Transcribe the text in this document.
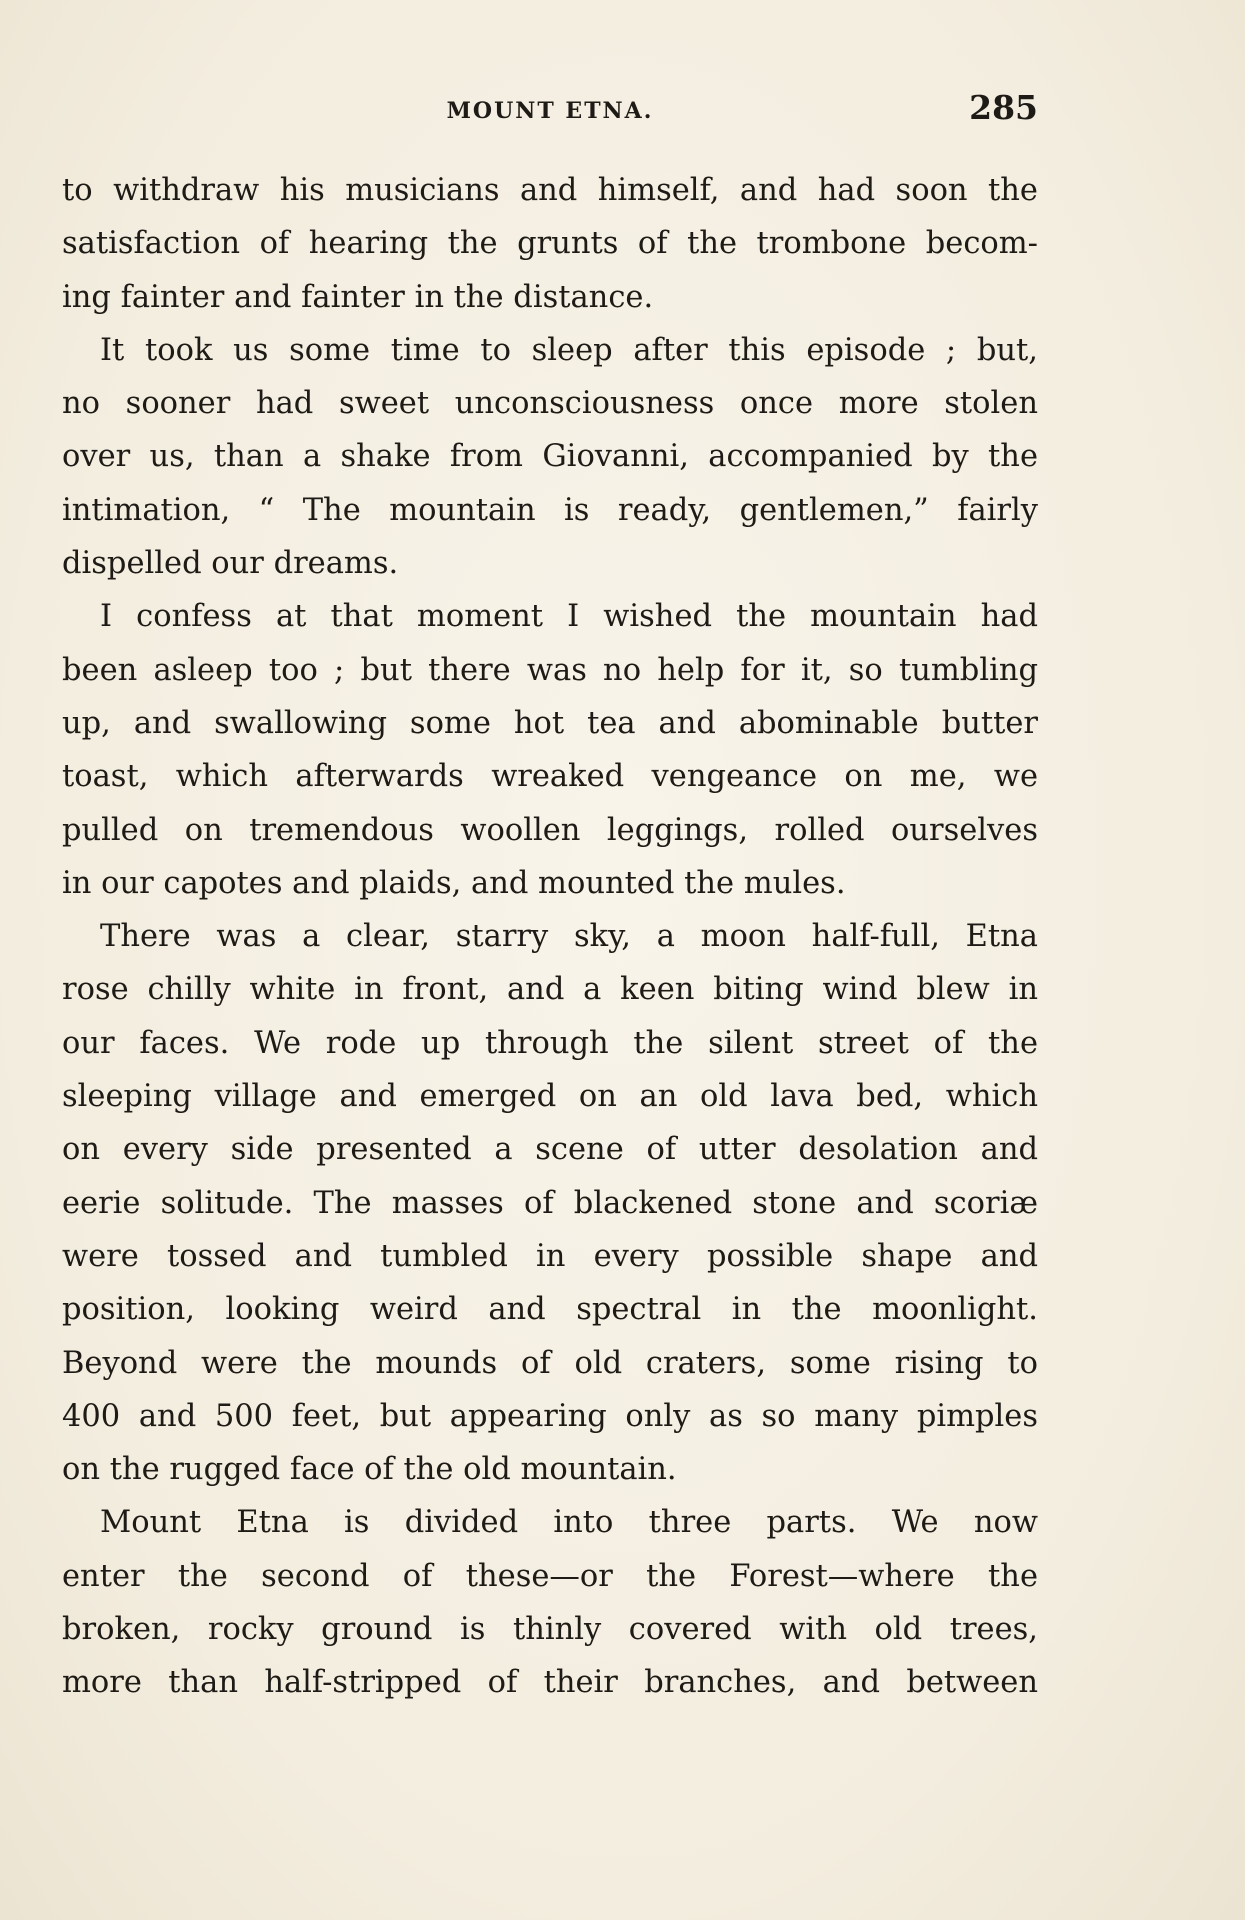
MOUNT ETNA.	285
to withdraw his musicians and himself, and had soon the
satisfaction of hearing the grunts of the trombone becom-
ing fainter and fainter in the distance.
It took us some time to sleep after this episode ; but,
no sooner had sweet unconsciousness once more stolen
over us, than a shake from Giovanni, accompanied by the
intimation, “ The mountain is ready, gentlemen,” fairly
dispelled our dreams.
I confess at that moment I wished the mountain had
been asleep too ; but there was no help for it, so tumbling
up, and swallowing some hot tea and abominable butter
toast, which afterwards wreaked vengeance on me, we
pulled on tremendous woollen leggings, rolled ourselves
in our capotes and plaids, and mounted the mules.
There was a clear, starry sky, a moon half-full, Etna
rose chilly white in front, and a keen biting wind blew in
our faces. We rode up through the silent street of the
sleeping village and emerged on an old lava bed, which
on every side presented a scene of utter desolation and
eerie solitude. The masses of blackened stone and scoriæ
were tossed and tumbled in every possible shape and
position, looking weird and spectral in the moonlight.
Beyond were the mounds of old craters, some rising to
400 and 500 feet, but appearing only as so many pimples
on the rugged face of the old mountain.
Mount Etna is divided into three parts. We now
enter the second of these—or the Forest—where the
broken, rocky ground is thinly covered with old trees,
more than half-stripped of their branches, and between
